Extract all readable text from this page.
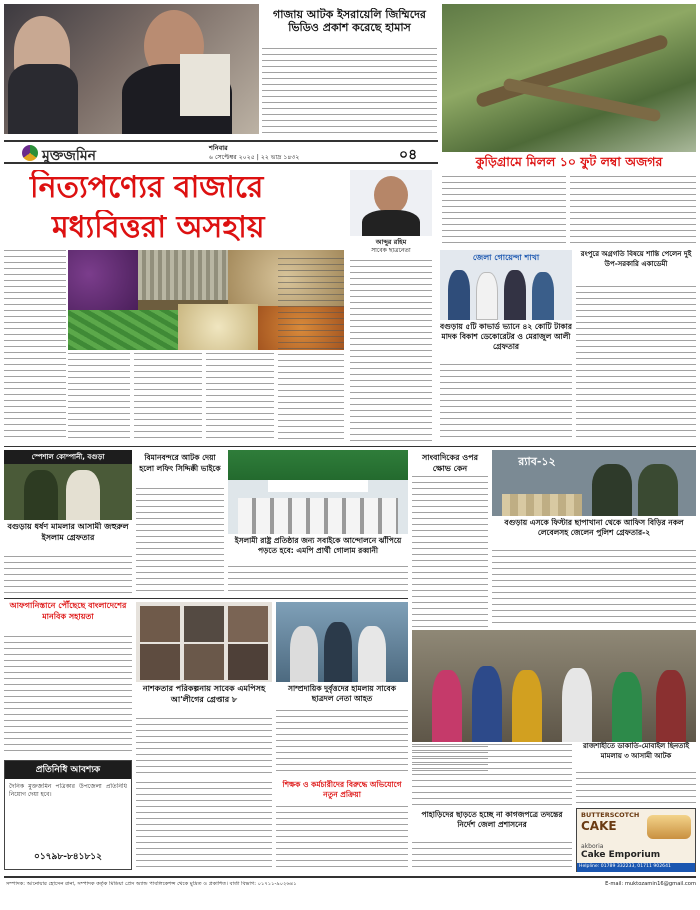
গাজায় আটক ইসরায়েলি জিম্মিদের ভিডিও প্রকাশ করেছে হামাস
কুড়িগ্রামে মিলল ১০ ফুট লম্বা অজগর
মুক্তজমিন	শনিবার
৬ সেপ্টেম্বর ২০২৫ | ২২ ভাদ্র ১৪৩২	০৪
নিত্যপণ্যের বাজারে
মধ্যবিত্তরা অসহায়	আব্দুর রহিম
সাবেক ছাত্রনেতা
জেলা গোয়েন্দা শাখা
বগুড়ায় ৫টি কাভার্ড ভ্যানে ৪২ কোটি টাকার মাদক বিকাশ ডেকোরেটর ও মেরাজুল আলী গ্রেফতার
রংপুরে অগ্রগতি বিষয়ে শান্তি পেলেন দুই উপ-সরকারি একাডেমী
স্পেশাল কোম্পানী, বগুড়া
বগুড়ায় ধর্ষণ মামলার আসামী জহুরুল ইসলাম গ্রেফতার
বিমানবন্দরে আটক দেয়া হলো লফিং সিদ্দিক্কী ভাইকে
ইসলামী রাষ্ট্র প্রতিষ্ঠার জন্য সবাইকে আন্দোলনে ঝাঁপিয়ে পড়তে হবে: এমপি প্রার্থী গোলাম রব্বানী
সাংবাদিকের ওপর ক্ষোভ কেন
র‍্যাব-১২
বগুড়ায় এসকে ফিস্টার ছাপাখানা থেকে আফিস বিড়ির নকল লেবেলসহ জেলেন পুলিশ গ্রেফতার-২
আফগানিস্তানে পৌঁছেছে বাংলাদেশের মানবিক সহায়তা
নাশকতার পরিকল্পনায় সাবেক এমপিসহ আ'লীগের গ্রেপ্তার ৮
সাম্প্রদায়িক দুর্বৃত্তদের হামলায় সাবেক ছাত্রদল নেতা আহত
রাজশাহীতে ডাকাতি-মোবাইল ছিনতাই মামলায় ৩ আসামী আটক
শিক্ষক ও কর্মচারীদের বিরুদ্ধে অভিযোগে নতুন প্রক্রিয়া
প্রতিনিধি আবশ্যক
দৈনিক মুক্তজমিন পত্রিকার উপজেলা প্রতিনিধি নিয়োগ দেয়া হবে।
০১৭৯৮-৮৪১৮১২
পাহাড়িদের ছাড়তে হচ্ছে না কাগজপত্রে তদন্তের নির্দেশ জেলা প্রশাসনের
BUTTERSCOTCH
CAKE
akboria
Cake Emporium
Helpline: 01789 332233, 01711 902641
সম্পাদক: আনোয়ার হোসেন রানা, সম্পাদক কর্তৃক মিডিয়া প্রেস অ্যান্ড পাবলিকেশন্স থেকে মুদ্রিত ও প্রকাশিত। বার্তা বিভাগ: ০১৭১১-৯০২৬৪১	E-mail: muktozamin16@gmail.com
